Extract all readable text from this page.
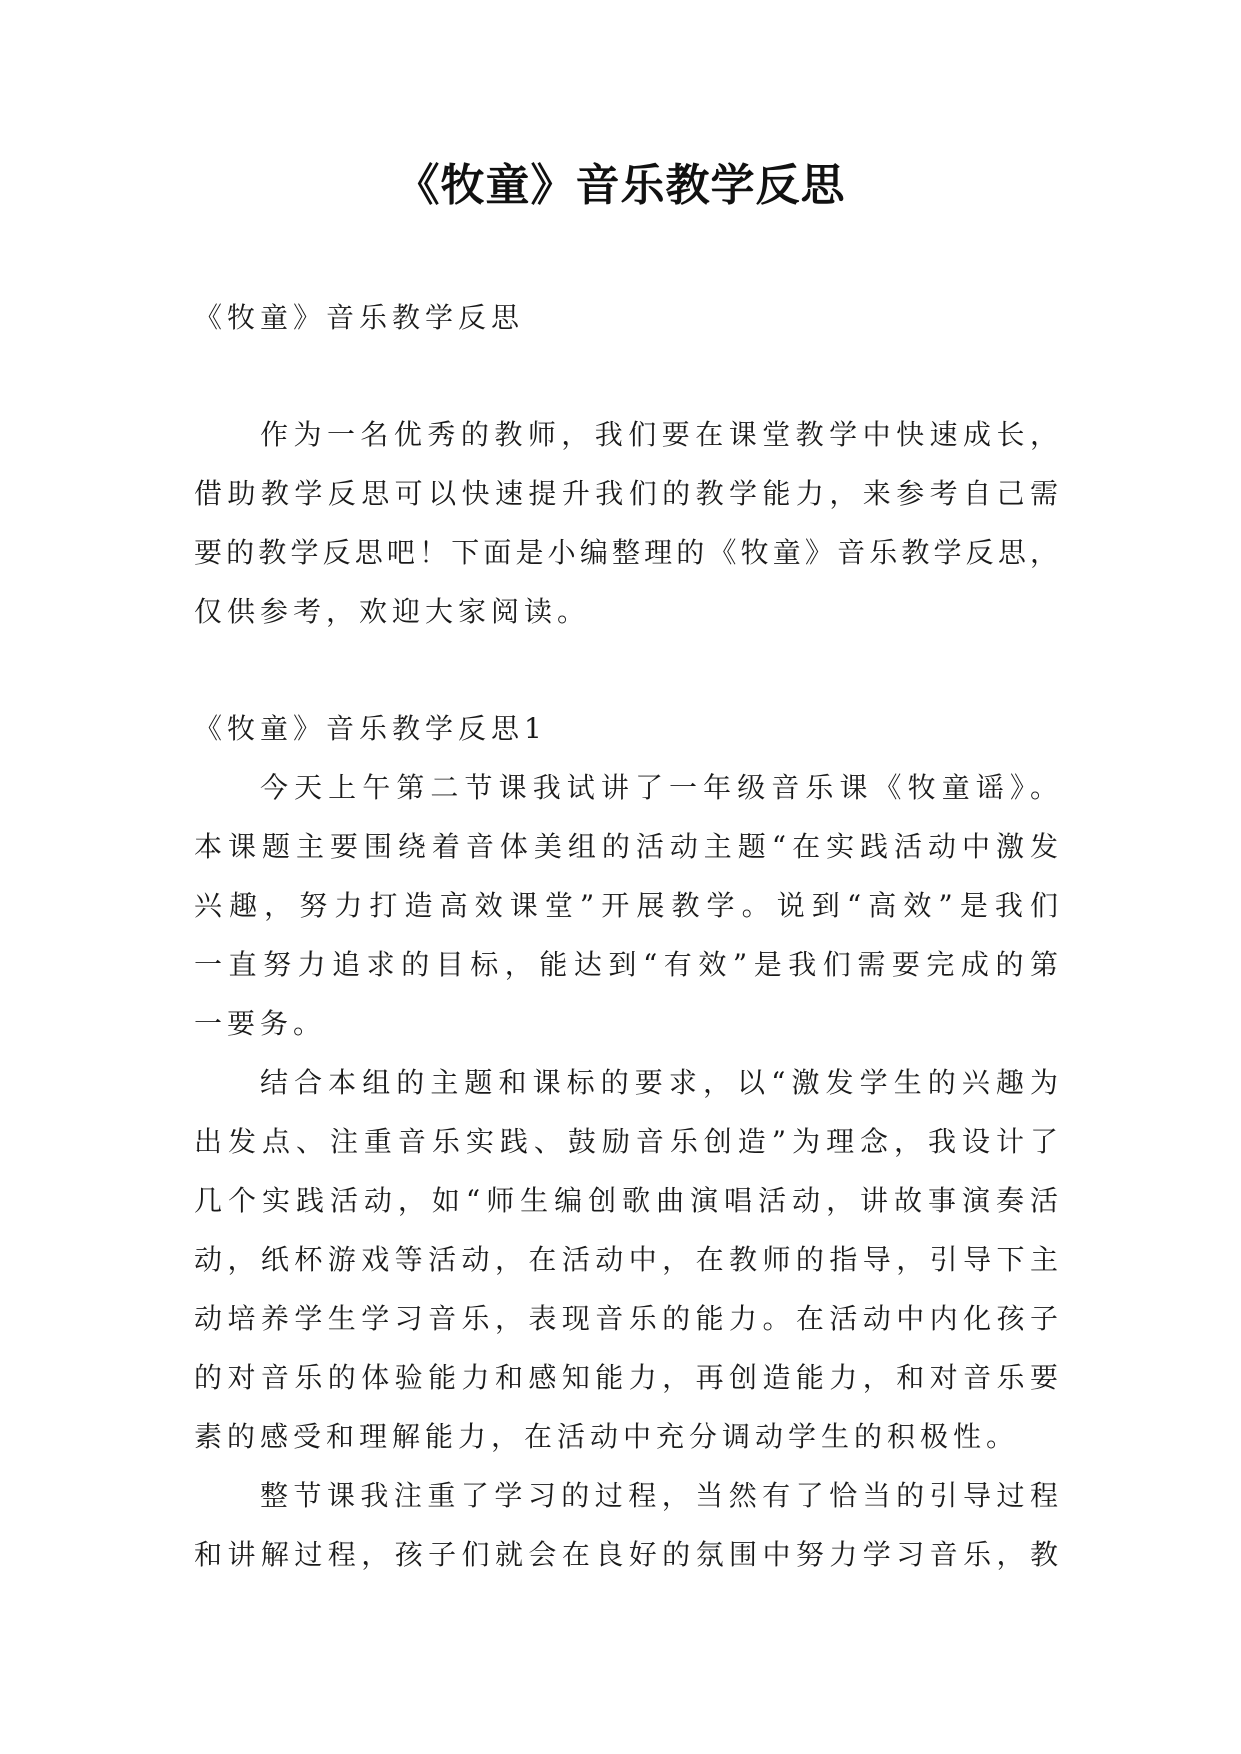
《牧童》音乐教学反思
《牧童》音乐教学反思
作为一名优秀的教师，我们要在课堂教学中快速成长，
借助教学反思可以快速提升我们的教学能力，来参考自己需
要的教学反思吧！下面是小编整理的《牧童》音乐教学反思，
仅供参考，欢迎大家阅读。
《牧童》音乐教学反思1
今天上午第二节课我试讲了一年级音乐课《牧童谣》。
本课题主要围绕着音体美组的活动主题“在实践活动中激发
兴趣，努力打造高效课堂”开展教学。说到“高效”是我们
一直努力追求的目标，能达到“有效”是我们需要完成的第
一要务。
结合本组的主题和课标的要求，以“激发学生的兴趣为
出发点、注重音乐实践、鼓励音乐创造”为理念，我设计了
几个实践活动，如“师生编创歌曲演唱活动，讲故事演奏活
动，纸杯游戏等活动，在活动中，在教师的指导，引导下主
动培养学生学习音乐，表现音乐的能力。在活动中内化孩子
的对音乐的体验能力和感知能力，再创造能力，和对音乐要
素的感受和理解能力，在活动中充分调动学生的积极性。
整节课我注重了学习的过程，当然有了恰当的引导过程
和讲解过程，孩子们就会在良好的氛围中努力学习音乐，教
